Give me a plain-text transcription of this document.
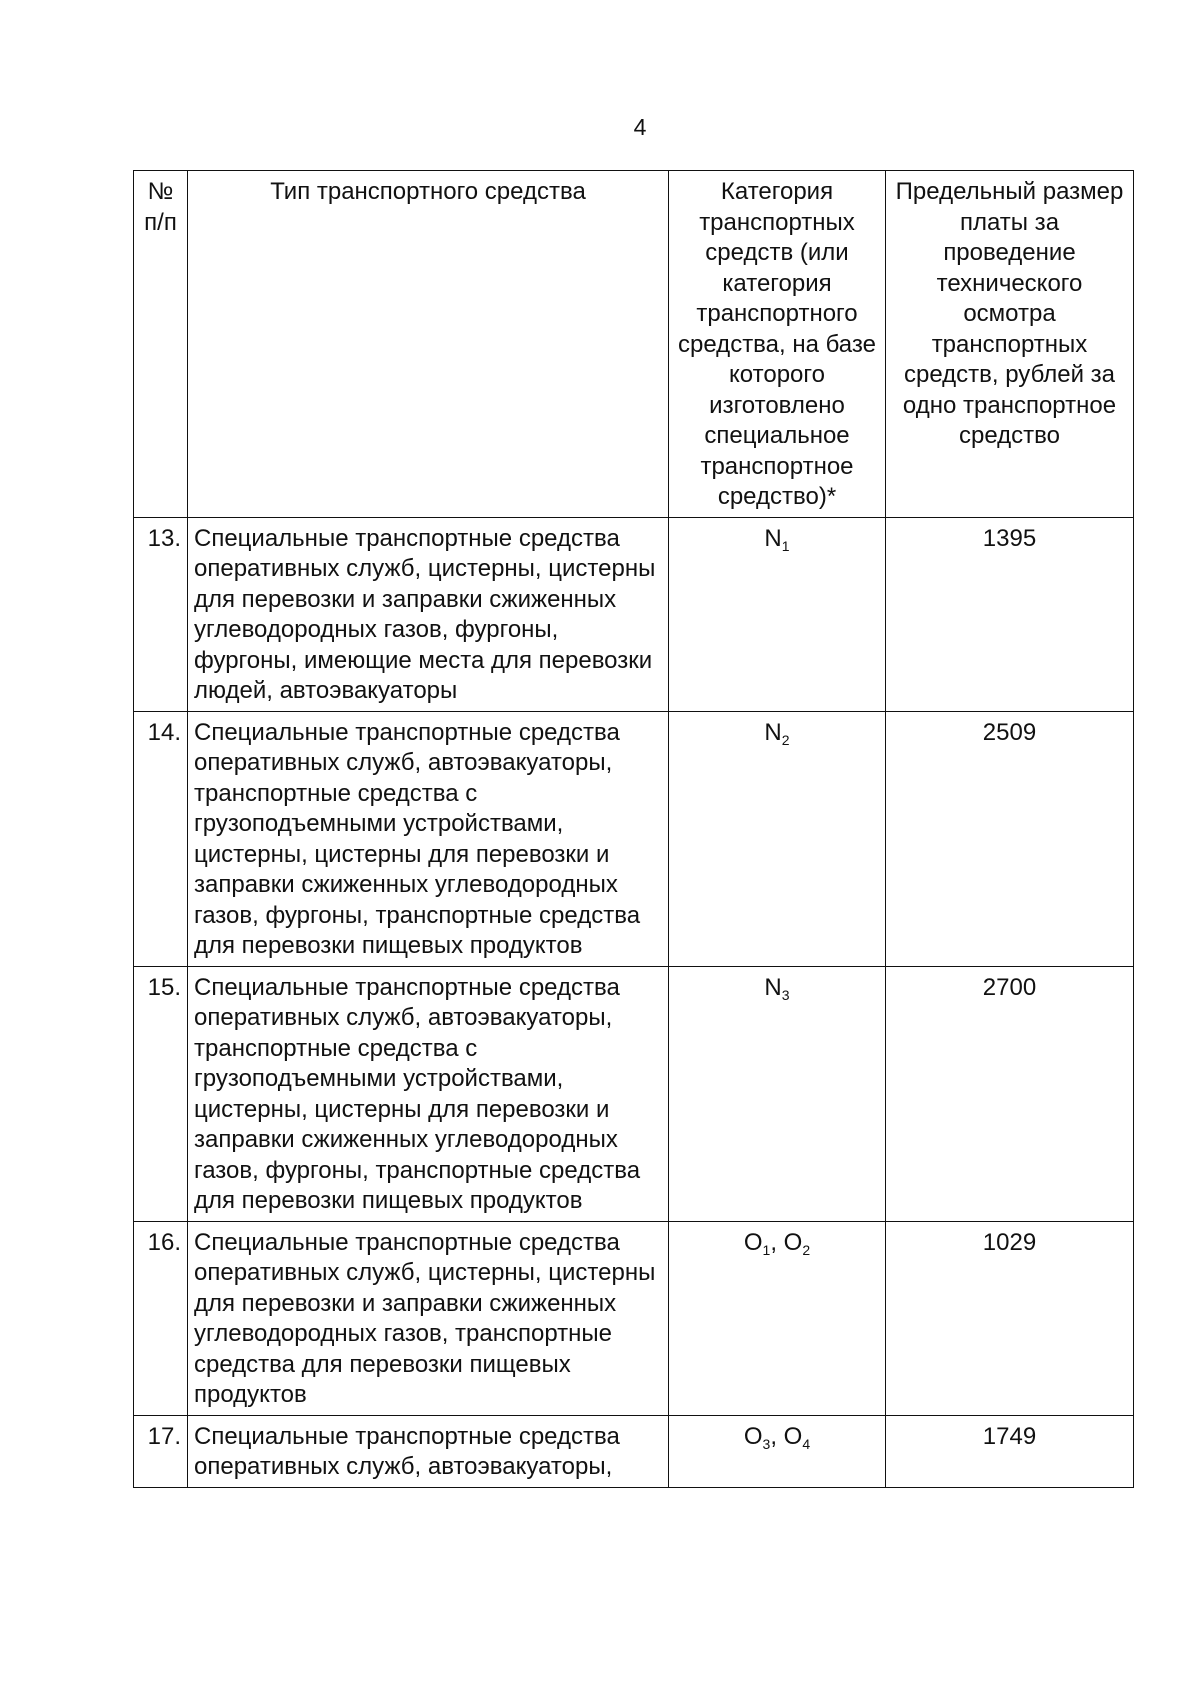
4
№ п/п	Тип транспортного средства	Категория транспортных средств (или категория транспортного средства, на базе которого изготовлено специальное транспортное средство)*	Предельный размер платы за проведение технического осмотра транспортных средств, рублей за одно транспортное средство

13.	Специальные транспортные средства оперативных служб, цистерны, цистерны для перевозки и заправки сжиженных углеводородных газов, фургоны, фургоны, имеющие места для перевозки людей, автоэвакуаторы	$N_1$	1395
14.	Специальные транспортные средства оперативных служб, автоэвакуаторы, транспортные средства с грузоподъемными устройствами, цистерны, цистерны для перевозки и заправки сжиженных углеводородных газов, фургоны, транспортные средства для перевозки пищевых продуктов	$N_2$	2509
15.	Специальные транспортные средства оперативных служб, автоэвакуаторы, транспортные средства с грузоподъемными устройствами, цистерны, цистерны для перевозки и заправки сжиженных углеводородных газов, фургоны, транспортные средства для перевозки пищевых продуктов	$N_3$	2700
16.	Специальные транспортные средства оперативных служб, цистерны, цистерны для перевозки и заправки сжиженных углеводородных газов, транспортные средства для перевозки пищевых продуктов	$O_1$, $O_2$	1029
17.	Специальные транспортные средства оперативных служб, автоэвакуаторы,	$O_3$, $O_4$	1749
